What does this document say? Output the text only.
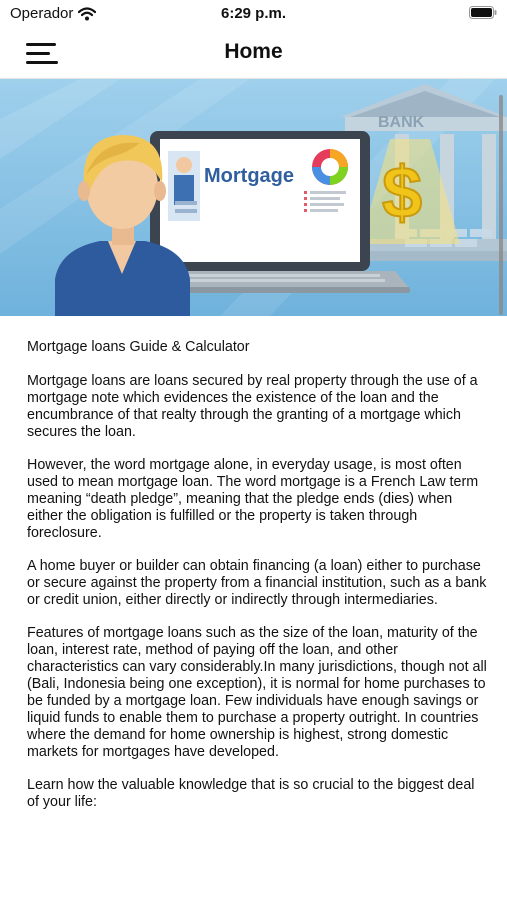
Operador	6:29 p.m.
Home
BANK
$
Mortgage

Mortgage loans Guide & Calculator

Mortgage loans are loans secured by real property through the use of a mortgage note which evidences the existence of the loan and the encumbrance of that realty through the granting of a mortgage which secures the loan.

However, the word mortgage alone, in everyday usage, is most often used to mean mortgage loan. The word mortgage is a French Law term meaning “death pledge”, meaning that the pledge ends (dies) when either the obligation is fulfilled or the property is taken through foreclosure.

A home buyer or builder can obtain financing (a loan) either to purchase or secure against the property from a financial institution, such as a bank or credit union, either directly or indirectly through intermediaries.

Features of mortgage loans such as the size of the loan, maturity of the loan, interest rate, method of paying off the loan, and other characteristics can vary considerably.In many jurisdictions, though not all (Bali, Indonesia being one exception), it is normal for home purchases to be funded by a mortgage loan. Few individuals have enough savings or liquid funds to enable them to purchase a property outright. In countries where the demand for home ownership is highest, strong domestic markets for mortgages have developed.

Learn how the valuable knowledge that is so crucial to the biggest deal of your life:
